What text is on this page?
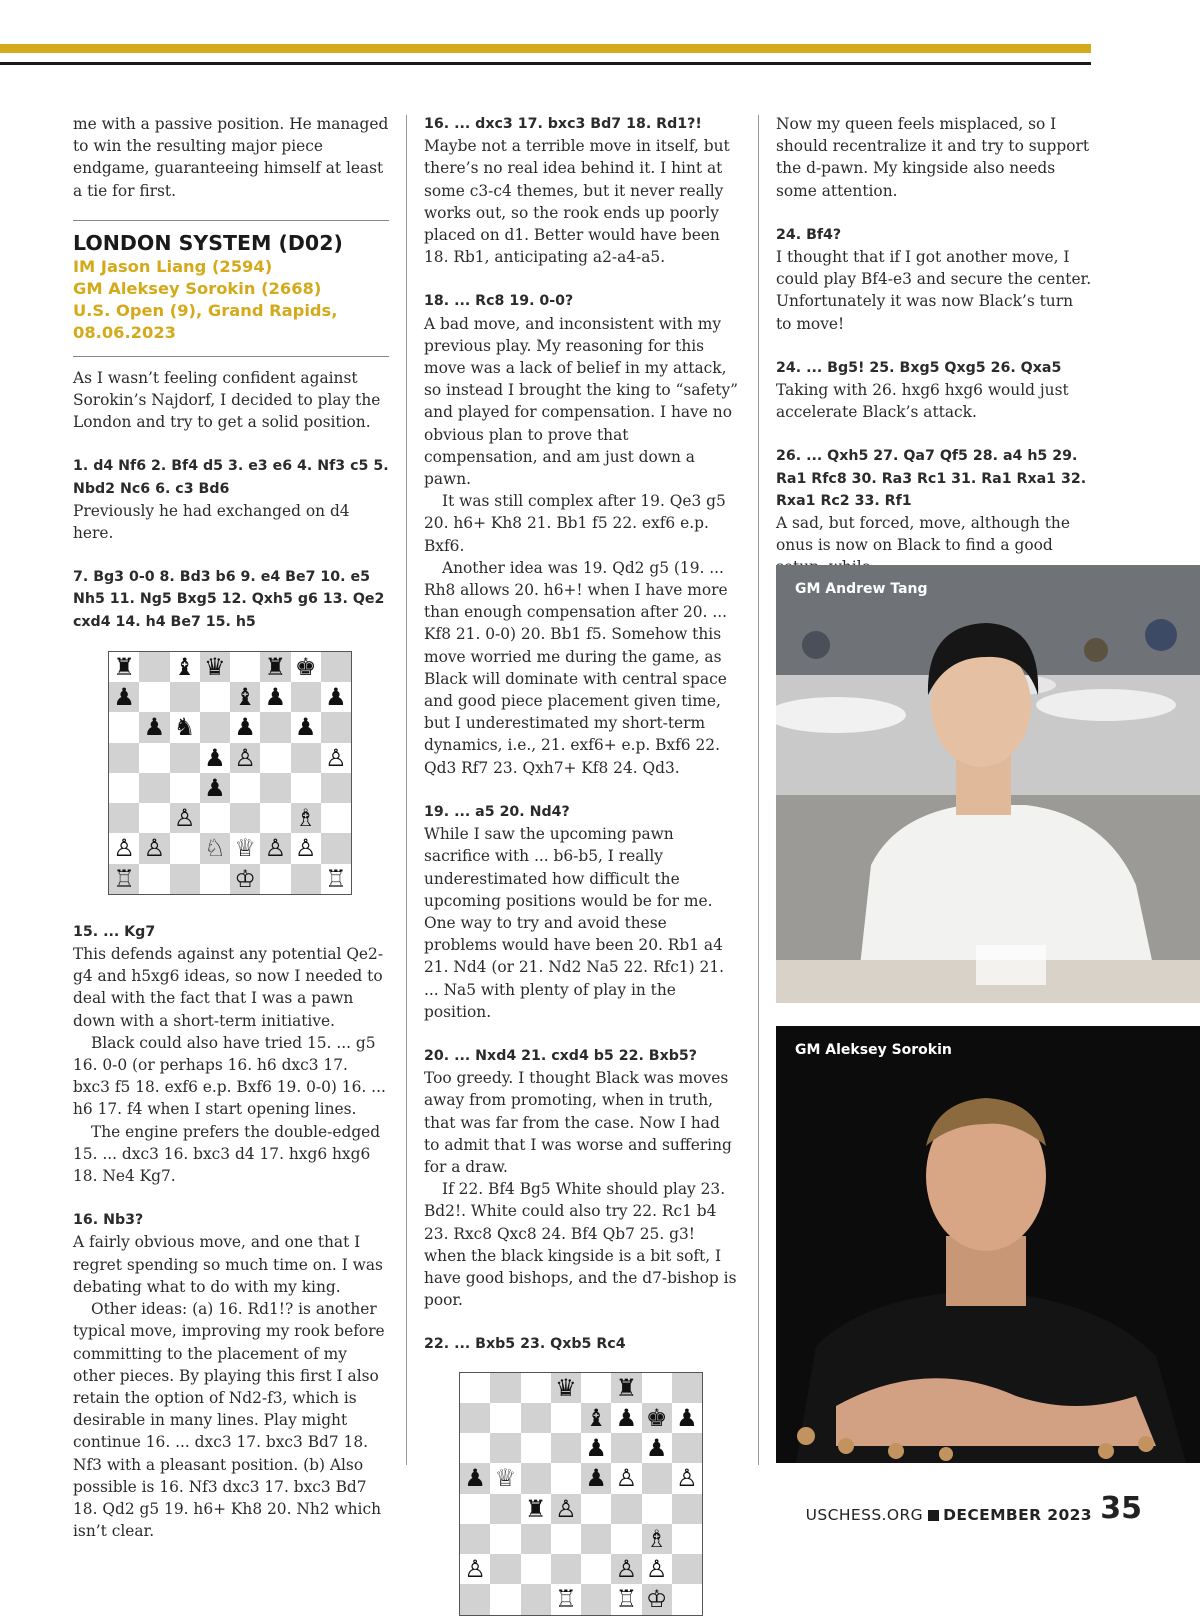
me with a passive position. He managed to win the resulting major piece endgame, guaranteeing himself at least a tie for first.

LONDON SYSTEM (D02)
IM Jason Liang (2594)
GM Aleksey Sorokin (2668)
U.S. Open (9), Grand Rapids,
08.06.2023

As I wasn’t feeling confident against Sorokin’s Najdorf, I decided to play the London and try to get a solid position.

1. d4 Nf6 2. Bf4 d5 3. e3 e6 4. Nf3 c5 5. Nbd2 Nc6 6. c3 Bd6

Previously he had exchanged on d4 here.

7. Bg3 0-0 8. Bd3 b6 9. e4 Be7 10. e5 Nh5 11. Ng5 Bxg5 12. Qxh5 g6 13. Qe2 cxd4 14. h4 Be7 15. h5

♜ ♝ ♛ ♜ ♚
♟	♝ ♟ ♟
♟ ♞ ♟ ♟
♟ ♙	♙
♟
♙	♗
♙ ♙ ♘ ♕ ♙ ♙
♖	♔	♖

15. ... Kg7

This defends against any potential Qe2-g4 and h5xg6 ideas, so now I needed to deal with the fact that I was a pawn down with a short-term initiative.

Black could also have tried 15. ... g5 16. 0-0 (or perhaps 16. h6 dxc3 17. bxc3 f5 18. exf6 e.p. Bxf6 19. 0-0) 16. ... h6 17. f4 when I start opening lines.

The engine prefers the double-edged 15. ... dxc3 16. bxc3 d4 17. hxg6 hxg6 18. Ne4 Kg7.

16. Nb3?

A fairly obvious move, and one that I regret spending so much time on. I was debating what to do with my king.

Other ideas: (a) 16. Rd1!? is another typical move, improving my rook before committing to the placement of my other pieces. By playing this first I also retain the option of Nd2-f3, which is desirable in many lines. Play might continue 16. ... dxc3 17. bxc3 Bd7 18. Nf3 with a pleasant position. (b) Also possible is 16. Nf3 dxc3 17. bxc3 Bd7 18. Qd2 g5 19. h6+ Kh8 20. Nh2 which isn’t clear.

16. ... dxc3 17. bxc3 Bd7 18. Rd1?!

Maybe not a terrible move in itself, but there’s no real idea behind it. I hint at some c3-c4 themes, but it never really works out, so the rook ends up poorly placed on d1. Better would have been 18. Rb1, anticipating a2-a4-a5.

18. ... Rc8 19. 0-0?

A bad move, and inconsistent with my previous play. My reasoning for this move was a lack of belief in my attack, so instead I brought the king to “safety” and played for compensation. I have no obvious plan to prove that compensation, and am just down a pawn.

It was still complex after 19. Qe3 g5 20. h6+ Kh8 21. Bb1 f5 22. exf6 e.p. Bxf6.

Another idea was 19. Qd2 g5 (19. ... Rh8 allows 20. h6+! when I have more than enough compensation after 20. ... Kf8 21. 0-0) 20. Bb1 f5. Somehow this move worried me during the game, as Black will dominate with central space and good piece placement given time, but I underestimated my short-term dynamics, i.e., 21. exf6+ e.p. Bxf6 22. Qd3 Rf7 23. Qxh7+ Kf8 24. Qd3.

19. ... a5 20. Nd4?

While I saw the upcoming pawn sacrifice with ... b6-b5, I really underestimated how difficult the upcoming positions would be for me. One way to try and avoid these problems would have been 20. Rb1 a4 21. Nd4 (or 21. Nd2 Na5 22. Rfc1) 21. ... Na5 with plenty of play in the position.

20. ... Nxd4 21. cxd4 b5 22. Bxb5?

Too greedy. I thought Black was moves away from promoting, when in truth, that was far from the case. Now I had to admit that I was worse and suffering for a draw.

If 22. Bf4 Bg5 White should play 23. Bd2!. White could also try 22. Rc1 b4 23. Rxc8 Qxc8 24. Bf4 Qb7 25. g3! when the black kingside is a bit soft, I have good bishops, and the d7-bishop is poor.

22. ... Bxb5 23. Qxb5 Rc4

♛ ♜
♝ ♟ ♚ ♟
♟ ♟
♟ ♕	♟ ♙ ♙
♜ ♙
♗
♙	♙ ♙
♖ ♖ ♔

Now my queen feels misplaced, so I should recentralize it and try to support the d-pawn. My kingside also needs some attention.

24. Bf4?

I thought that if I got another move, I could play Bf4-e3 and secure the center. Unfortunately it was now Black’s turn to move!

24. ... Bg5! 25. Bxg5 Qxg5 26. Qxa5

Taking with 26. hxg6 hxg6 would just accelerate Black’s attack.

26. ... Qxh5 27. Qa7 Qf5 28. a4 h5 29. Ra1 Rfc8 30. Ra3 Rc1 31. Ra1 Rxa1 32. Rxa1 Rc2 33. Rf1

A sad, but forced, move, although the onus is now on Black to find a good

GM Andrew Tang
GM Aleksey Sorokin
USCHESS.ORG DECEMBER 2023 35
